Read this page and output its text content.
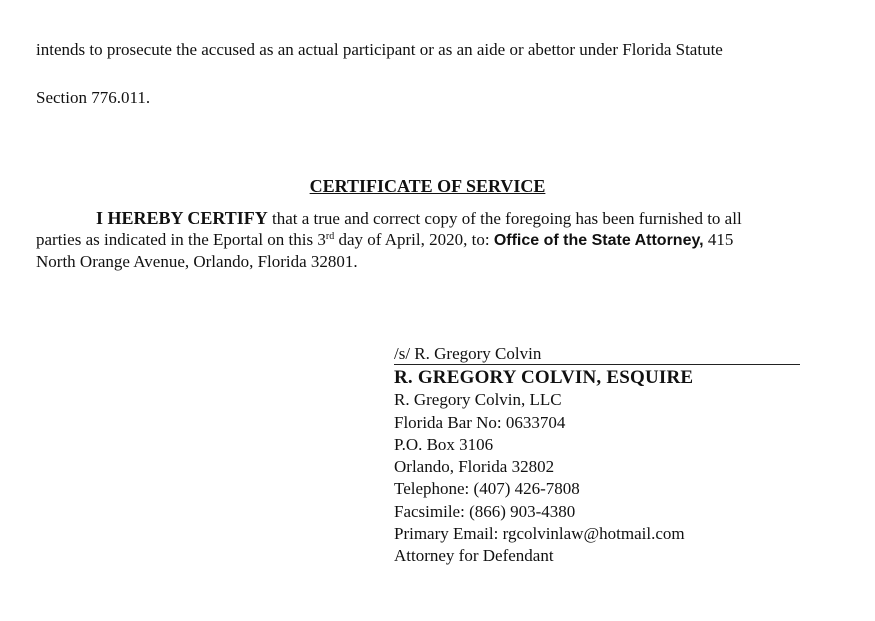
intends to prosecute the accused as an actual participant or as an aide or abettor under Florida Statute
Section 776.011.
CERTIFICATE OF SERVICE
I HEREBY CERTIFY that a true and correct copy of the foregoing has been furnished to all
parties as indicated in the Eportal on this 3rd day of April, 2020, to: Office of the State Attorney, 415
North Orange Avenue, Orlando, Florida 32801.
/s/ R. Gregory Colvin
R. GREGORY COLVIN, ESQUIRE
R. Gregory Colvin, LLC
Florida Bar No: 0633704
P.O. Box 3106
Orlando, Florida 32802
Telephone: (407) 426-7808
Facsimile: (866) 903-4380
Primary Email: rgcolvinlaw@hotmail.com
Attorney for Defendant
